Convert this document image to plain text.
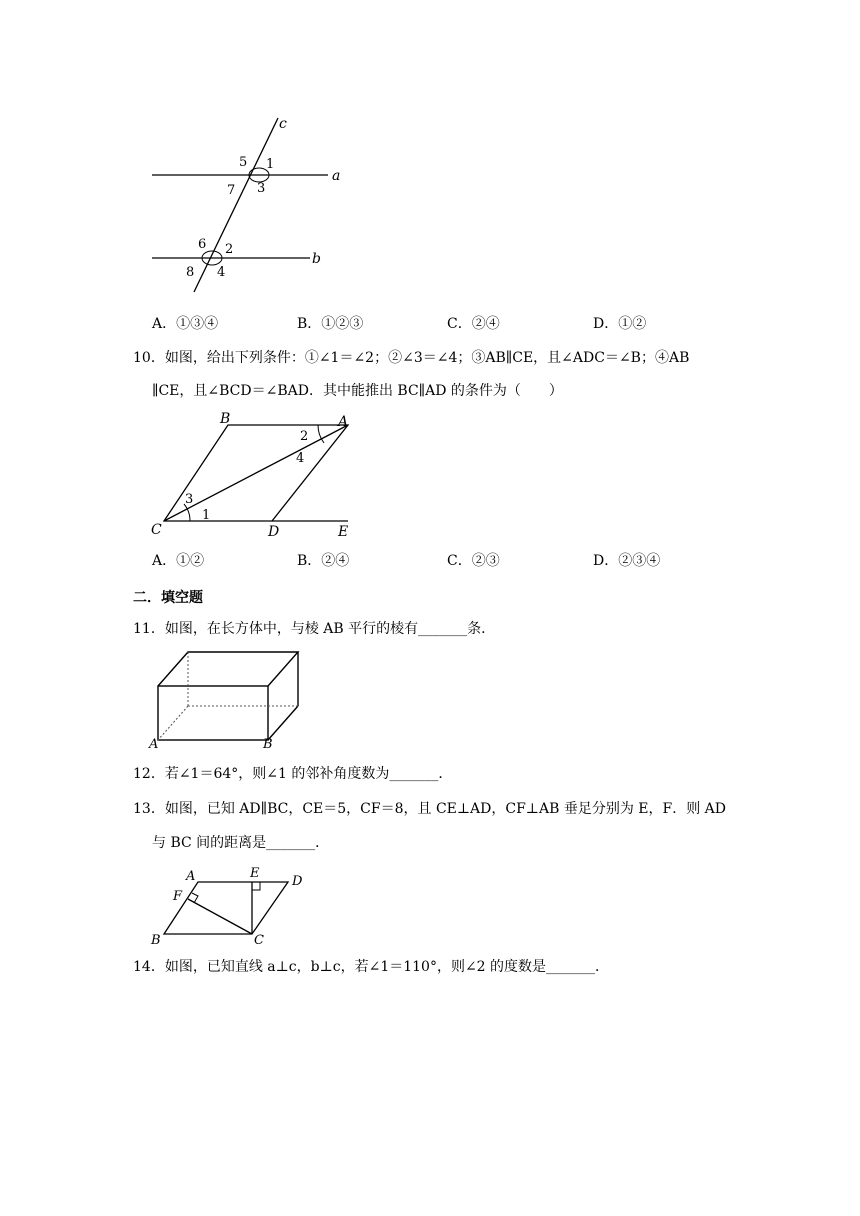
c
a
b
5 1
7 3
6 2
8 4
A．①③④	B．①②③	C．②④	D．①②
10．如图，给出下列条件：①∠1＝∠2；②∠3＝∠4；③AB∥CE，且∠ADC＝∠B；④AB
∥CE，且∠BCD＝∠BAD．其中能推出 BC∥AD 的条件为（　　）
B	A
C	D	E
1
3
2
4
A．①②	B．②④	C．②③	D．②③④
二．填空题
11．如图，在长方体中，与棱 AB 平行的棱有_______条．
A	B
12．若∠1＝64°，则∠1 的邻补角度数为_______．
13．如图，已知 AD∥BC，CE＝5，CF＝8，且 CE⊥AD，CF⊥AB 垂足分别为 E，F．则 AD
与 BC 间的距离是_______．
A	E
D
F
B	C
14．如图，已知直线 a⊥c，b⊥c，若∠1＝110°，则∠2 的度数是_______．
